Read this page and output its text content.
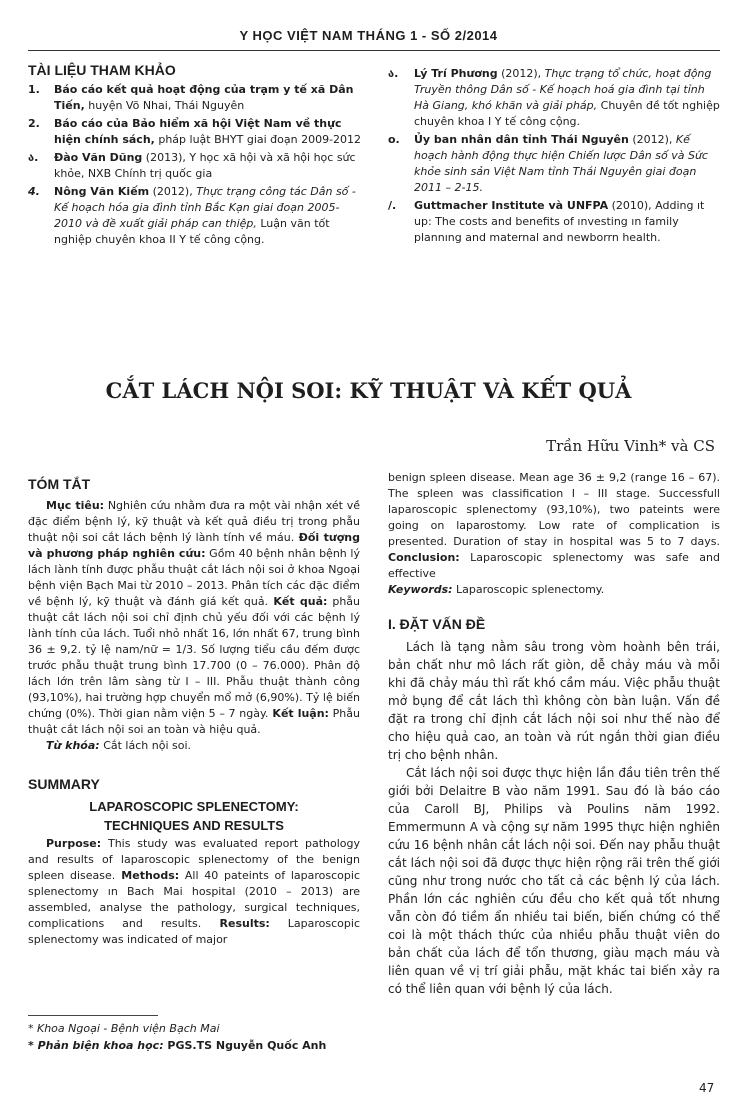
Y HỌC VIỆT NAM THÁNG 1 - SỐ 2/2014
TÀI LIỆU THAM KHẢO
1.	Báo cáo kết quả hoạt động của trạm y tế xã Dân Tiến, huyện Võ Nhai, Thái Nguyên
2.	Báo cáo của Bảo hiểm xã hội Việt Nam về thực hiện chính sách, pháp luật BHYT giai đoạn 2009-2012
ა.	Đào Văn Dũng (2013), Y học xã hội và xã hội học sức khỏe, NXB Chính trị quốc gia
4.	Nông Văn Kiếm (2012), Thực trạng công tác Dân số - Kế hoạch hóa gia đình tỉnh Bắc Kạn giai đoạn 2005- 2010 và đề xuất giải pháp can thiệp, Luận văn tốt nghiệp chuyên khoa II Y tế công cộng.
ა.	Lý Trí Phương (2012), Thực trạng tổ chức, hoạt động Truyền thông Dân số - Kế hoạch hoá gia đình tại tỉnh Hà Giang, khó khăn và giải pháp, Chuyên đề tốt nghiệp chuyên khoa I Y tế công cộng.
ο.	Ủy ban nhân dân tỉnh Thái Nguyên (2012), Kế hoạch hành động thực hiện Chiến lược Dân số và Sức khỏe sinh sản Việt Nam tỉnh Thái Nguyên giai đoạn 2011 – 2-15.
/.	Guttmacher Institute và UNFPA (2010), Adding ıt up: The costs and benefits of ınvesting ın family plannıng and maternal and newborrn health.
CẮT LÁCH NỘI SOI: KỸ THUẬT VÀ KẾT QUẢ
Trần Hữu Vinh* và CS
TÓM TẮT

Mục tiêu: Nghiên cứu nhằm đưa ra một vài nhận xét về đặc điểm bệnh lý, kỹ thuật và kết quả điều trị trong phẫu thuật nội soi cắt lách bệnh lý lành tính về máu. Đối tượng và phương pháp nghiên cứu: Gồm 40 bệnh nhân bệnh lý lách lành tính được phẫu thuật cắt lách nội soi ở khoa Ngoại bệnh viện Bạch Mai từ 2010 – 2013. Phân tích các đặc điểm về bệnh lý, kỹ thuật và đánh giá kết quả. Kết quả: phẫu thuật cắt lách nội soi chỉ định chủ yếu đối với các bệnh lý lành tính của lách. Tuổi nhỏ nhất 16, lớn nhất 67, trung bình 36 ± 9,2. tỷ lệ nam/nữ = 1/3. Số lượng tiểu cầu đếm được trước phẫu thuật trung bình 17.700 (0 – 76.000). Phân độ lách lớn trên lâm sàng từ I – III. Phẫu thuật thành công (93,10%), hai trường hợp chuyển mổ mở (6,90%). Tỷ lệ biến chứng (0%). Thời gian nằm viện 5 – 7 ngày. Kết luận: Phẫu thuật cắt lách nội soi an toàn và hiệu quả.

Từ khóa: Cắt lách nội soi.

SUMMARY
LAPAROSCOPIC SPLENECTOMY:
TECHNIQUES AND RESULTS

Purpose: This study was evaluated report pathology and results of laparoscopic splenectomy of the benign spleen disease. Methods: All 40 pateints of laparoscopic splenectomy ın Bach Mai hospital (2010 – 2013) are assembled, analyse the pathology, surgical techniques, complications and results. Results: Laparoscopic splenectomy was indicated of major

benign spleen disease. Mean age 36 ± 9,2 (range 16 – 67). The spleen was classification I – III stage. Successfull laparoscopic splenectomy (93,10%), two pateints were going on laparostomy. Low rate of complication is presented. Duration of stay in hospital was 5 to 7 days. Conclusion: Laparoscopic splenectomy was safe and effective

Keywords: Laparoscopic splenectomy.

I. ĐẶT VẤN ĐỀ

Lách là tạng nằm sâu trong vòm hoành bên trái, bản chất như mô lách rất giòn, dễ chảy máu và mỗi khi đã chảy máu thì rất khó cầm máu. Việc phẫu thuật mở bụng để cắt lách thì không còn bàn luận. Vấn đề đặt ra trong chỉ định cắt lách nội soi như thế nào để cho hiệu quả cao, an toàn và rút ngắn thời gian điều trị cho bệnh nhân.

Cắt lách nội soi được thực hiện lần đầu tiên trên thế giới bởi Delaitre B vào năm 1991. Sau đó là báo cáo của Caroll BJ, Philips và Poulins năm 1992. Emmermunn A và cộng sự năm 1995 thực hiện nghiên cứu 16 bệnh nhân cắt lách nội soi. Đến nay phẫu thuật cắt lách nội soi đã được thực hiện rộng rãi trên thế giới cũng như trong nước cho tất cả các bệnh lý của lách. Phần lớn các nghiên cứu đều cho kết quả tốt nhưng vẫn còn đó tiềm ẩn nhiều tai biến, biến chứng có thể coi là một thách thức của nhiều phẫu thuật viên do bản chất của lách để tổn thương, giàu mạch máu và liên quan về vị trí giải phẫu, mặt khác tai biến xảy ra có thể liên quan với bệnh lý của lách.

* Khoa Ngoại - Bệnh viện Bạch Mai
* Phản biện khoa học: PGS.TS Nguyễn Quốc Anh
47
